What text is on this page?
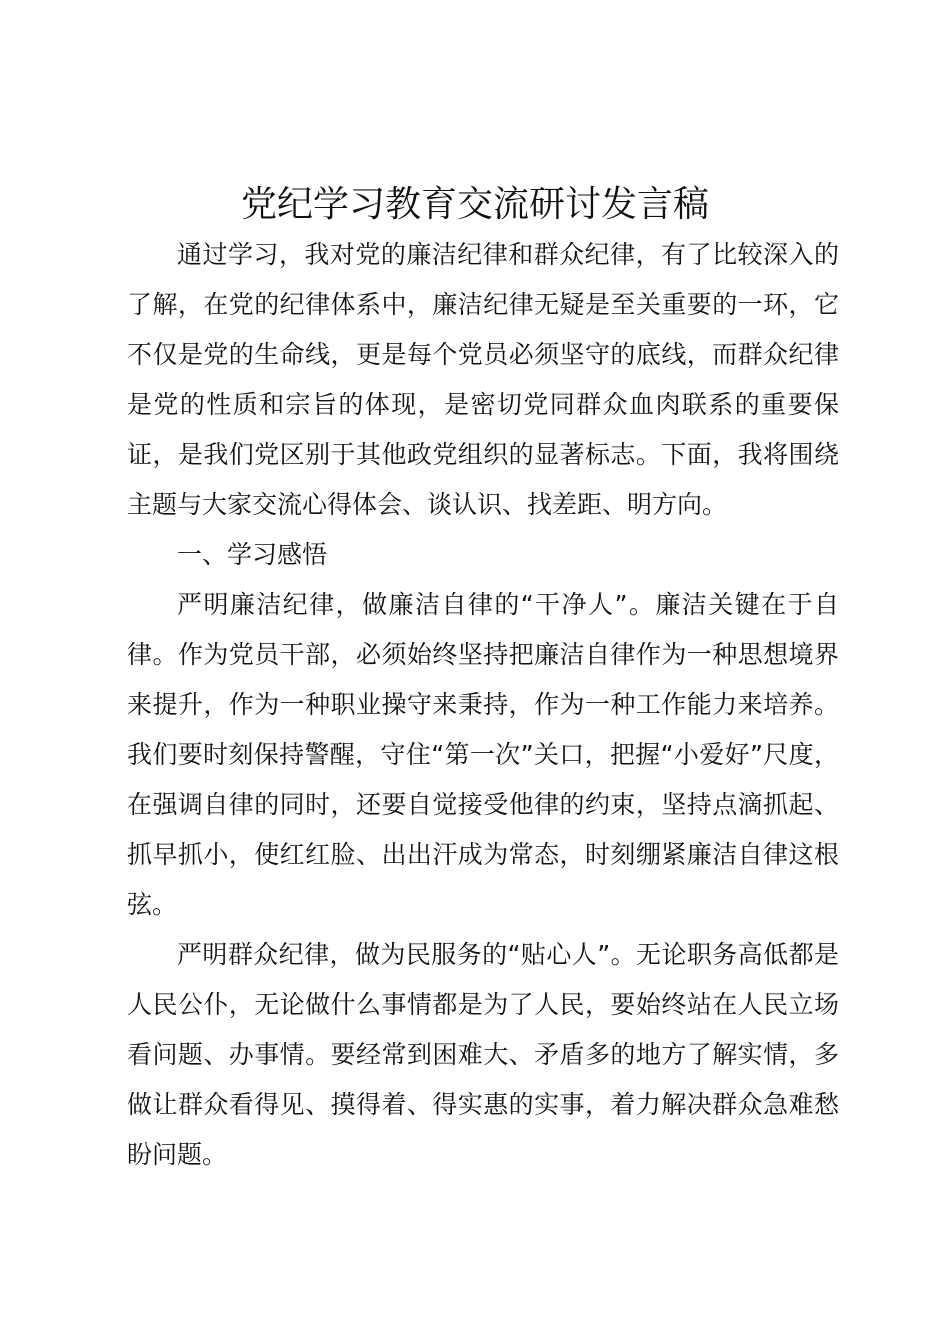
党纪学习教育交流研讨发言稿

通过学习，我对党的廉洁纪律和群众纪律，有了比较深入的了解，在党的纪律体系中，廉洁纪律无疑是至关重要的一环，它不仅是党的生命线，更是每个党员必须坚守的底线，而群众纪律是党的性质和宗旨的体现，是密切党同群众血肉联系的重要保证，是我们党区别于其他政党组织的显著标志。下面，我将围绕主题与大家交流心得体会、谈认识、找差距、明方向。

一、学习感悟

严明廉洁纪律，做廉洁自律的“干净人”。廉洁关键在于自律。作为党员干部，必须始终坚持把廉洁自律作为一种思想境界来提升，作为一种职业操守来秉持，作为一种工作能力来培养。我们要时刻保持警醒，守住“第一次”关口，把握“小爱好”尺度，在强调自律的同时，还要自觉接受他律的约束，坚持点滴抓起、抓早抓小，使红红脸、出出汗成为常态，时刻绷紧廉洁自律这根弦。

严明群众纪律，做为民服务的“贴心人”。无论职务高低都是人民公仆，无论做什么事情都是为了人民，要始终站在人民立场看问题、办事情。要经常到困难大、矛盾多的地方了解实情，多做让群众看得见、摸得着、得实惠的实事，着力解决群众急难愁盼问题。
